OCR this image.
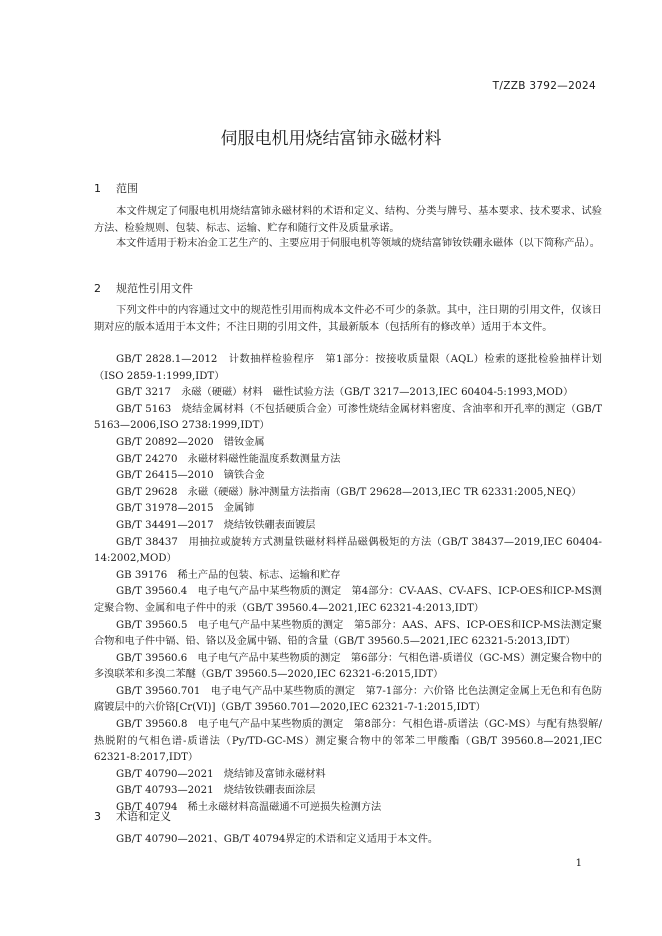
T/ZZB 3792—2024
伺服电机用烧结富铈永磁材料
1 范围

本文件规定了伺服电机用烧结富铈永磁材料的术语和定义、结构、分类与牌号、基本要求、技术要求、试验方法、检验规则、包装、标志、运输、贮存和随行文件及质量承诺。

本文件适用于粉末冶金工艺生产的、主要应用于伺服电机等领域的烧结富铈钕铁硼永磁体（以下简称产品）。

2 规范性引用文件

下列文件中的内容通过文中的规范性引用而构成本文件必不可少的条款。其中，注日期的引用文件，仅该日期对应的版本适用于本文件；不注日期的引用文件，其最新版本（包括所有的修改单）适用于本文件。

GB/T 2828.1—2012　计数抽样检验程序　第1部分：按接收质量限（AQL）检索的逐批检验抽样计划（ISO 2859-1:1999,IDT）
GB/T 3217　永磁（硬磁）材料　磁性试验方法（GB/T 3217—2013,IEC 60404-5:1993,MOD）
GB/T 5163　烧结金属材料（不包括硬质合金）可渗性烧结金属材料密度、含油率和开孔率的测定（GB/T 5163—2006,ISO 2738:1999,IDT）
GB/T 20892—2020　镨钕金属
GB/T 24270　永磁材料磁性能温度系数测量方法
GB/T 26415—2010　镝铁合金
GB/T 29628　永磁（硬磁）脉冲测量方法指南（GB/T 29628—2013,IEC TR 62331:2005,NEQ）
GB/T 31978—2015　金属铈
GB/T 34491—2017　烧结钕铁硼表面镀层
GB/T 38437　用抽拉或旋转方式测量铁磁材料样品磁偶极矩的方法（GB/T 38437—2019,IEC 60404-14:2002,MOD）
GB 39176　稀土产品的包装、标志、运输和贮存
GB/T 39560.4　电子电气产品中某些物质的测定　第4部分：CV-AAS、CV-AFS、ICP-OES和ICP-MS测定聚合物、金属和电子件中的汞（GB/T 39560.4—2021,IEC 62321-4:2013,IDT）
GB/T 39560.5　电子电气产品中某些物质的测定　第5部分：AAS、AFS、ICP-OES和ICP-MS法测定聚合物和电子件中镉、铅、铬以及金属中镉、铅的含量（GB/T 39560.5—2021,IEC 62321-5:2013,IDT）
GB/T 39560.6　电子电气产品中某些物质的测定　第6部分：气相色谱-质谱仪（GC-MS）测定聚合物中的多溴联苯和多溴二苯醚（GB/T 39560.5—2020,IEC 62321-6:2015,IDT）
GB/T 39560.701　电子电气产品中某些物质的测定　第7-1部分：六价铬 比色法测定金属上无色和有色防腐镀层中的六价铬[Cr(VI)]（GB/T 39560.701—2020,IEC 62321-7-1:2015,IDT）
GB/T 39560.8　电子电气产品中某些物质的测定　第8部分：气相色谱-质谱法（GC-MS）与配有热裂解/热脱附的气相色谱-质谱法（Py/TD-GC-MS）测定聚合物中的邻苯二甲酸酯（GB/T 39560.8—2021,IEC 62321-8:2017,IDT）
GB/T 40790—2021　烧结铈及富铈永磁材料
GB/T 40793—2021　烧结钕铁硼表面涂层
GB/T 40794　稀土永磁材料高温磁通不可逆损失检测方法
3 术语和定义

GB/T 40790—2021、GB/T 40794界定的术语和定义适用于本文件。

1
